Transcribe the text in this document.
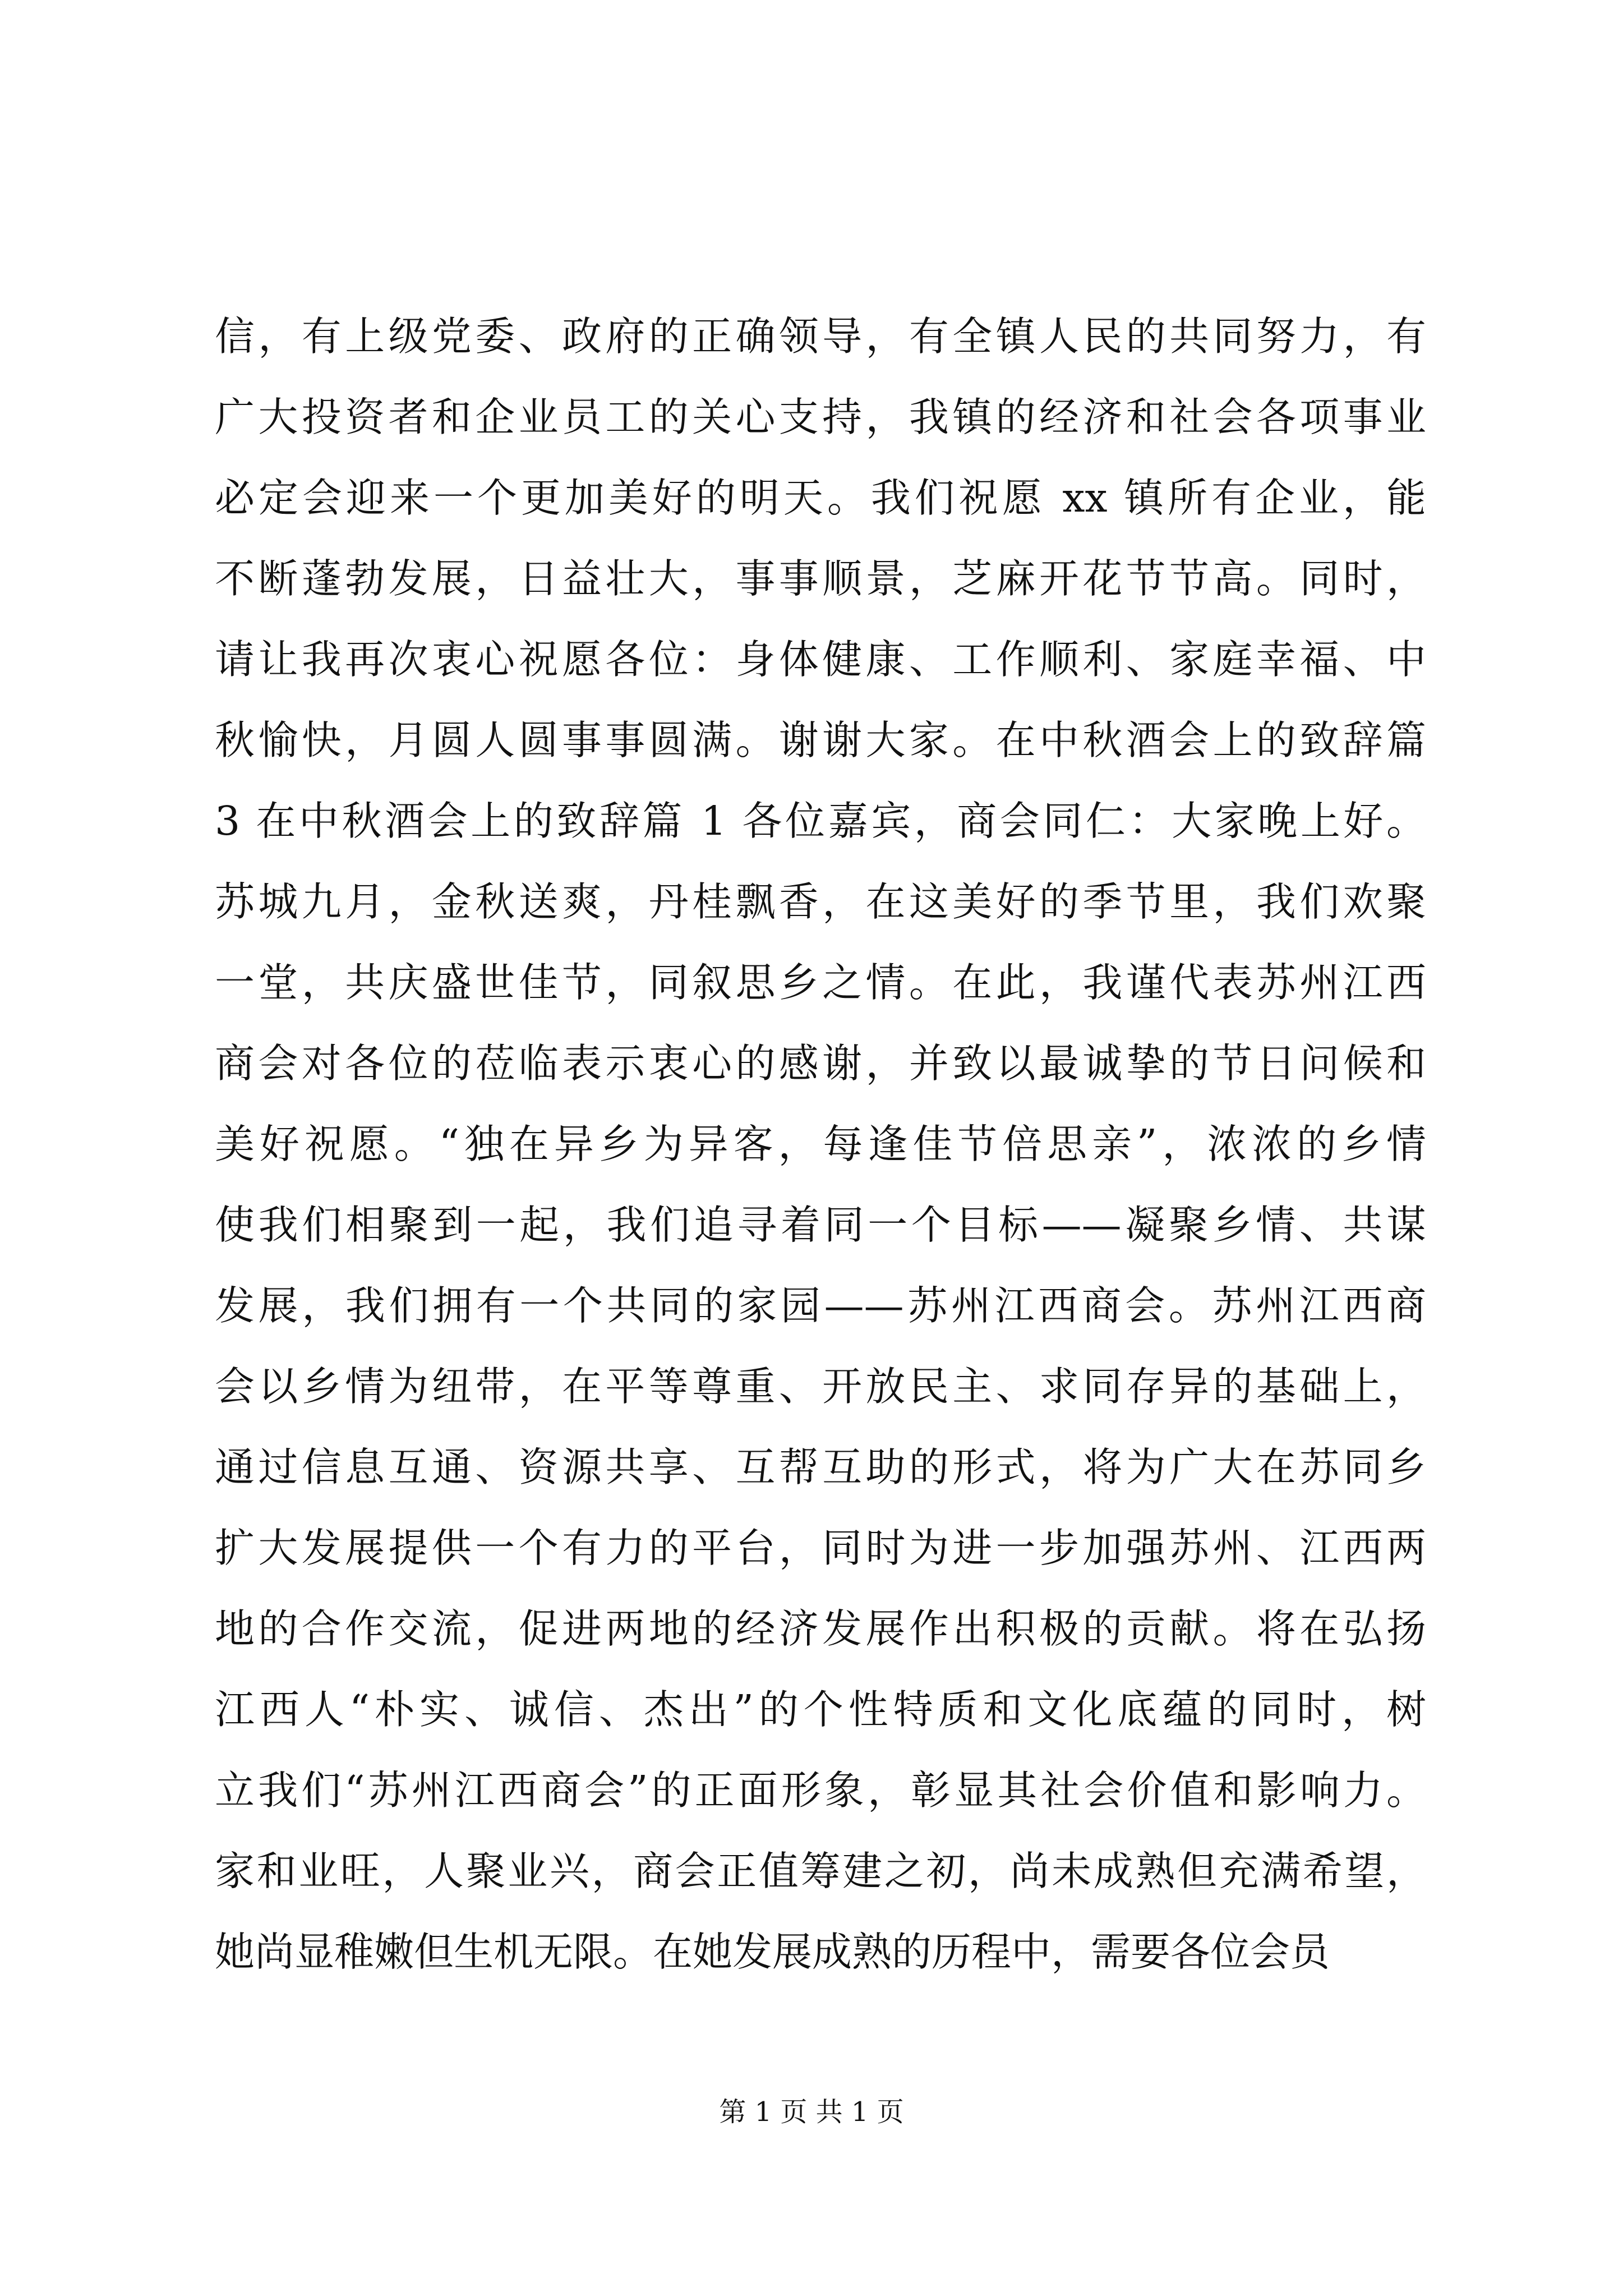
信，有上级党委、政府的正确领导，有全镇人民的共同努力，有
广大投资者和企业员工的关心支持，我镇的经济和社会各项事业
必定会迎来一个更加美好的明天。我们祝愿 xx 镇所有企业，能
不断蓬勃发展，日益壮大，事事顺景，芝麻开花节节高。同时，
请让我再次衷心祝愿各位：身体健康、工作顺利、家庭幸福、中
秋愉快，月圆人圆事事圆满。谢谢大家。在中秋酒会上的致辞篇
3 在中秋酒会上的致辞篇 1 各位嘉宾，商会同仁：大家晚上好。
苏城九月，金秋送爽，丹桂飘香，在这美好的季节里，我们欢聚
一堂，共庆盛世佳节，同叙思乡之情。在此，我谨代表苏州江西
商会对各位的莅临表示衷心的感谢，并致以最诚挚的节日问候和
美好祝愿。“独在异乡为异客，每逢佳节倍思亲”，浓浓的乡情
使我们相聚到一起，我们追寻着同一个目标——凝聚乡情、共谋
发展，我们拥有一个共同的家园——苏州江西商会。苏州江西商
会以乡情为纽带，在平等尊重、开放民主、求同存异的基础上，
通过信息互通、资源共享、互帮互助的形式，将为广大在苏同乡
扩大发展提供一个有力的平台，同时为进一步加强苏州、江西两
地的合作交流，促进两地的经济发展作出积极的贡献。将在弘扬
江西人“朴实、诚信、杰出”的个性特质和文化底蕴的同时，树
立我们“苏州江西商会”的正面形象，彰显其社会价值和影响力。
家和业旺，人聚业兴，商会正值筹建之初，尚未成熟但充满希望，
她尚显稚嫩但生机无限。在她发展成熟的历程中，需要各位会员
第 1 页 共 1 页
